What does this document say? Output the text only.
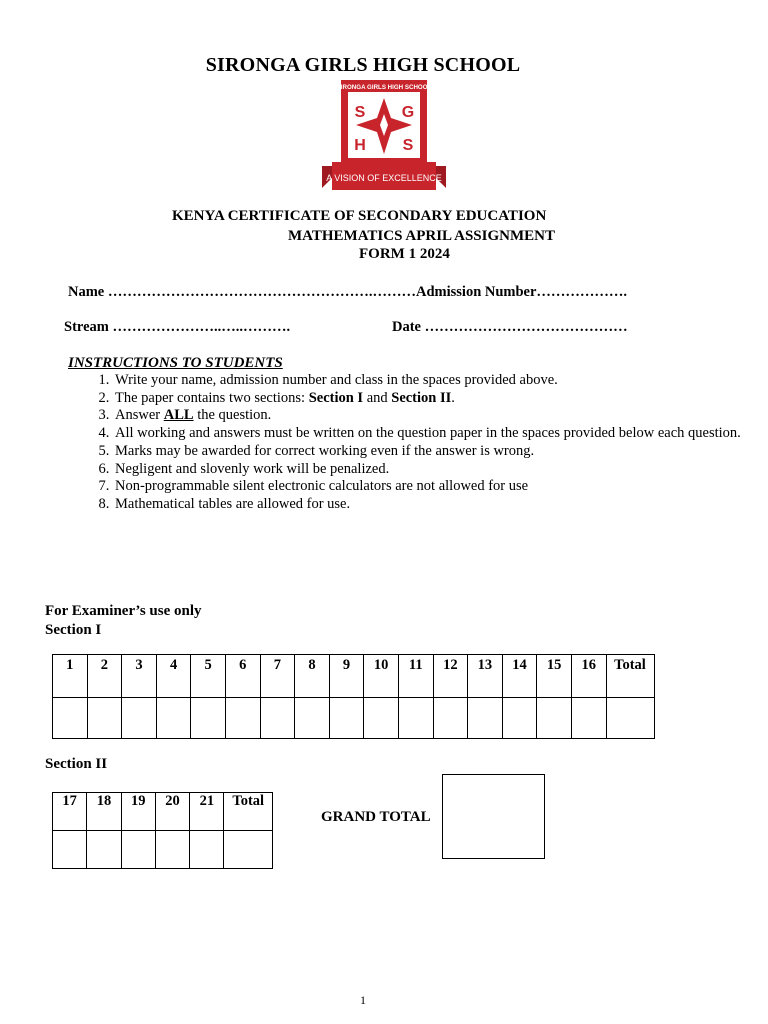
SIRONGA GIRLS HIGH SCHOOL
SIRONGA GIRLS HIGH SCHOOL
S G
H S
A VISION OF EXCELLENCE
KENYA CERTIFICATE OF SECONDARY EDUCATION
MATHEMATICS APRIL ASSIGNMENT
FORM 1 2024
Name ……………………………………………….………Admission Number……………….
Stream …………………..…..……….	Date ……………………………………
INSTRUCTIONS TO STUDENTS
1. Write your name, admission number and class in the spaces provided above.
2. The paper contains two sections: Section I and Section II.
3. Answer ALL the question.
4. All working and answers must be written on the question paper in the spaces provided below each question.
5. Marks may be awarded for correct working even if the answer is wrong.
6. Negligent and slovenly work will be penalized.
7. Non-programmable silent electronic calculators are not allowed for use
8. Mathematical tables are allowed for use.
For Examiner’s use only
Section I
1	2	3	4	5	6	7	8	9	10	11	12	13	14	15	16	Total

Section II
17	18	19	20	21	Total

GRAND TOTAL
1
